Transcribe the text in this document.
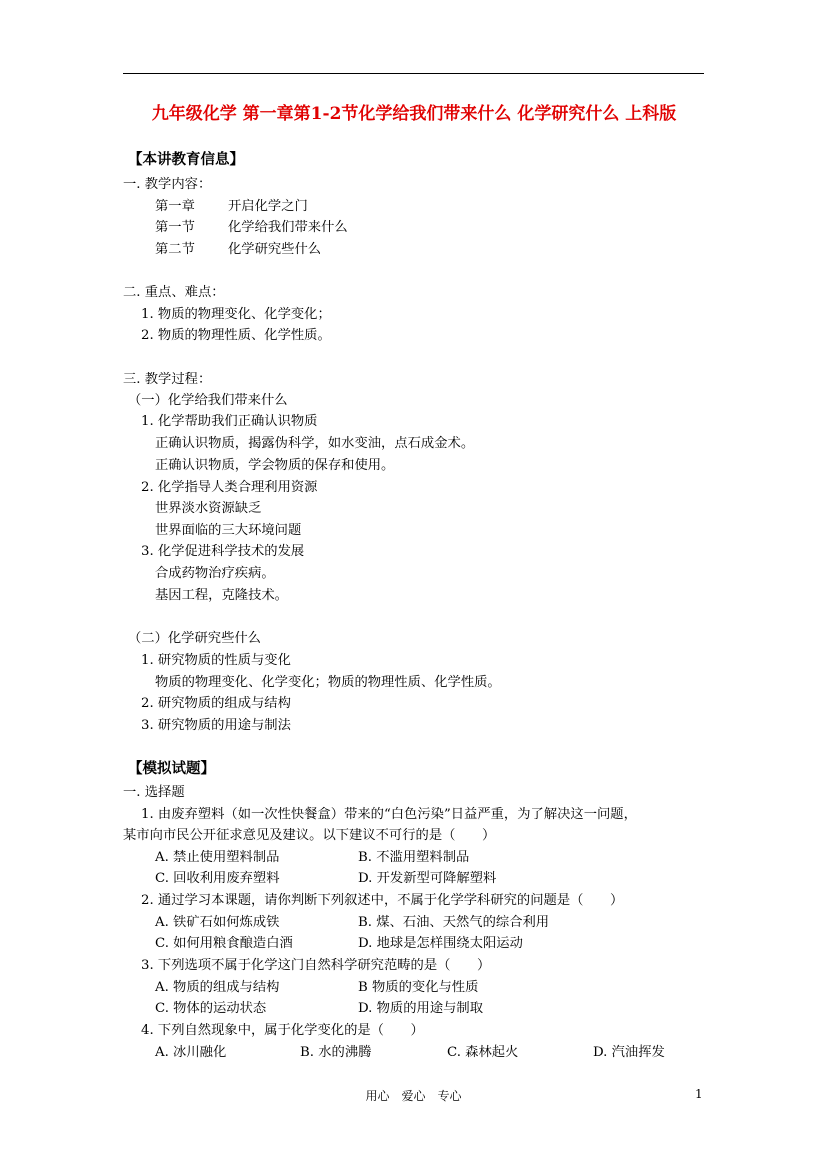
九年级化学 第一章第1-2节化学给我们带来什么 化学研究什么 上科版
【本讲教育信息】
一. 教学内容：
第一章 开启化学之门
第一节 化学给我们带来什么
第二节 化学研究些什么
二. 重点、难点：
1. 物质的物理变化、化学变化；
2. 物质的物理性质、化学性质。
三. 教学过程：
（一）化学给我们带来什么
1. 化学帮助我们正确认识物质
正确认识物质，揭露伪科学，如水变油，点石成金术。
正确认识物质，学会物质的保存和使用。
2. 化学指导人类合理利用资源
世界淡水资源缺乏
世界面临的三大环境问题
3. 化学促进科学技术的发展
合成药物治疗疾病。
基因工程，克隆技术。
（二）化学研究些什么
1. 研究物质的性质与变化
物质的物理变化、化学变化；物质的物理性质、化学性质。
2. 研究物质的组成与结构
3. 研究物质的用途与制法
【模拟试题】
一. 选择题
1. 由废弃塑料（如一次性快餐盒）带来的“白色污染”日益严重，为了解决这一问题，
某市向市民公开征求意见及建议。以下建议不可行的是（　　）
A. 禁止使用塑料制品	B. 不滥用塑料制品
C. 回收利用废弃塑料	D. 开发新型可降解塑料
2. 通过学习本课题，请你判断下列叙述中，不属于化学学科研究的问题是（　　）
A. 铁矿石如何炼成铁	B. 煤、石油、天然气的综合利用
C. 如何用粮食酿造白酒	D. 地球是怎样围绕太阳运动
3. 下列选项不属于化学这门自然科学研究范畴的是（　　）
A. 物质的组成与结构	B 物质的变化与性质
C. 物体的运动状态	D. 物质的用途与制取
4. 下列自然现象中，属于化学变化的是（　　）
A. 冰川融化	B. 水的沸腾	C. 森林起火	D. 汽油挥发
用心　爱心　专心	1
